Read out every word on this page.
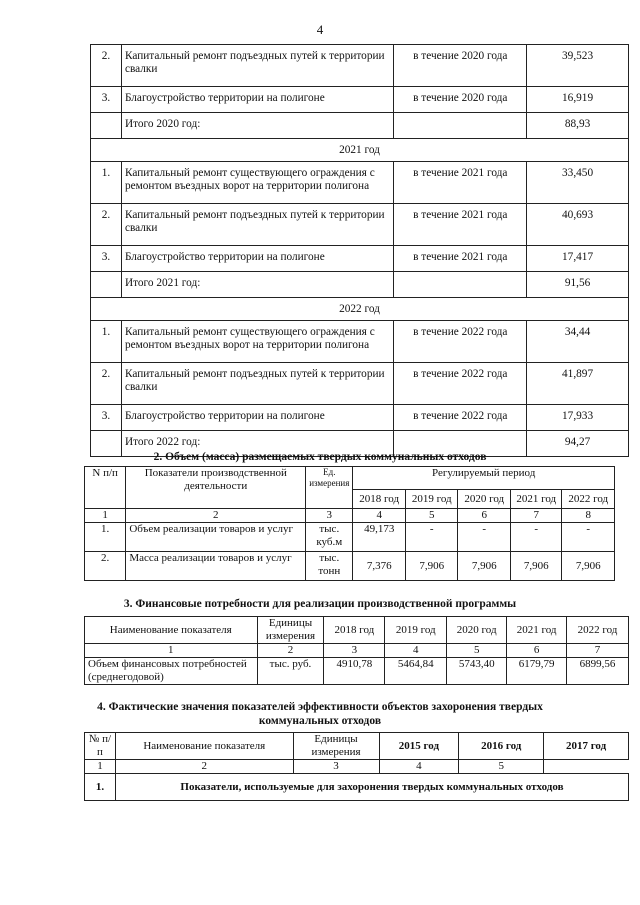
4
2.	Капитальный ремонт подъездных путей к территории свалки	в течение 2020 года	39,523
3.	Благоустройство территории на полигоне	в течение 2020 года	16,919
	Итого 2020 год:		88,93
2021 год			
1.	Капитальный ремонт существующего ограждения с ремонтом въездных ворот на территории полигона	в течение 2021 года	33,450
2.	Капитальный ремонт подъездных путей к территории свалки	в течение 2021 года	40,693
3.	Благоустройство территории на полигоне	в течение 2021 года	17,417
	Итого 2021 год:		91,56
2022 год			
1.	Капитальный ремонт существующего ограждения с ремонтом въездных ворот на территории полигона	в течение 2022 года	34,44
2.	Капитальный ремонт подъездных путей к территории свалки	в течение 2022 года	41,897
3.	Благоустройство территории на полигоне	в течение 2022 года	17,933
	Итого 2022 год:		94,27
2. Объем (масса) размещаемых твердых коммунальных отходов
N п/п	Показатели производственной деятельности	Ед. измерения	Регулируемый период				
			2018 год	2019 год	2020 год	2021 год	2022 год
1	2	3	4	5	6	7	8
1.	Объем реализации товаров и услуг	тыс. куб.м	49,173	-	-	-	-
2.	Масса реализации товаров и услуг	тыс. тонн	7,376	7,906	7,906	7,906	7,906
3. Финансовые потребности для реализации производственной программы
Наименование показателя	Единицы измерения	2018 год	2019 год	2020 год	2021 год	2022 год
1	2	3	4	5	6	7
Объем финансовых потребностей (среднегодовой)	тыс. руб.	4910,78	5464,84	5743,40	6179,79	6899,56
4. Фактические значения показателей эффективности объектов захоронения твердых
коммунальных отходов
№ п/п	Наименование показателя	Единицы измерения	2015 год	2016 год	2017 год
1	2	3	4	5	
1.	Показатели, используемые для захоронения твердых коммунальных отходов				
